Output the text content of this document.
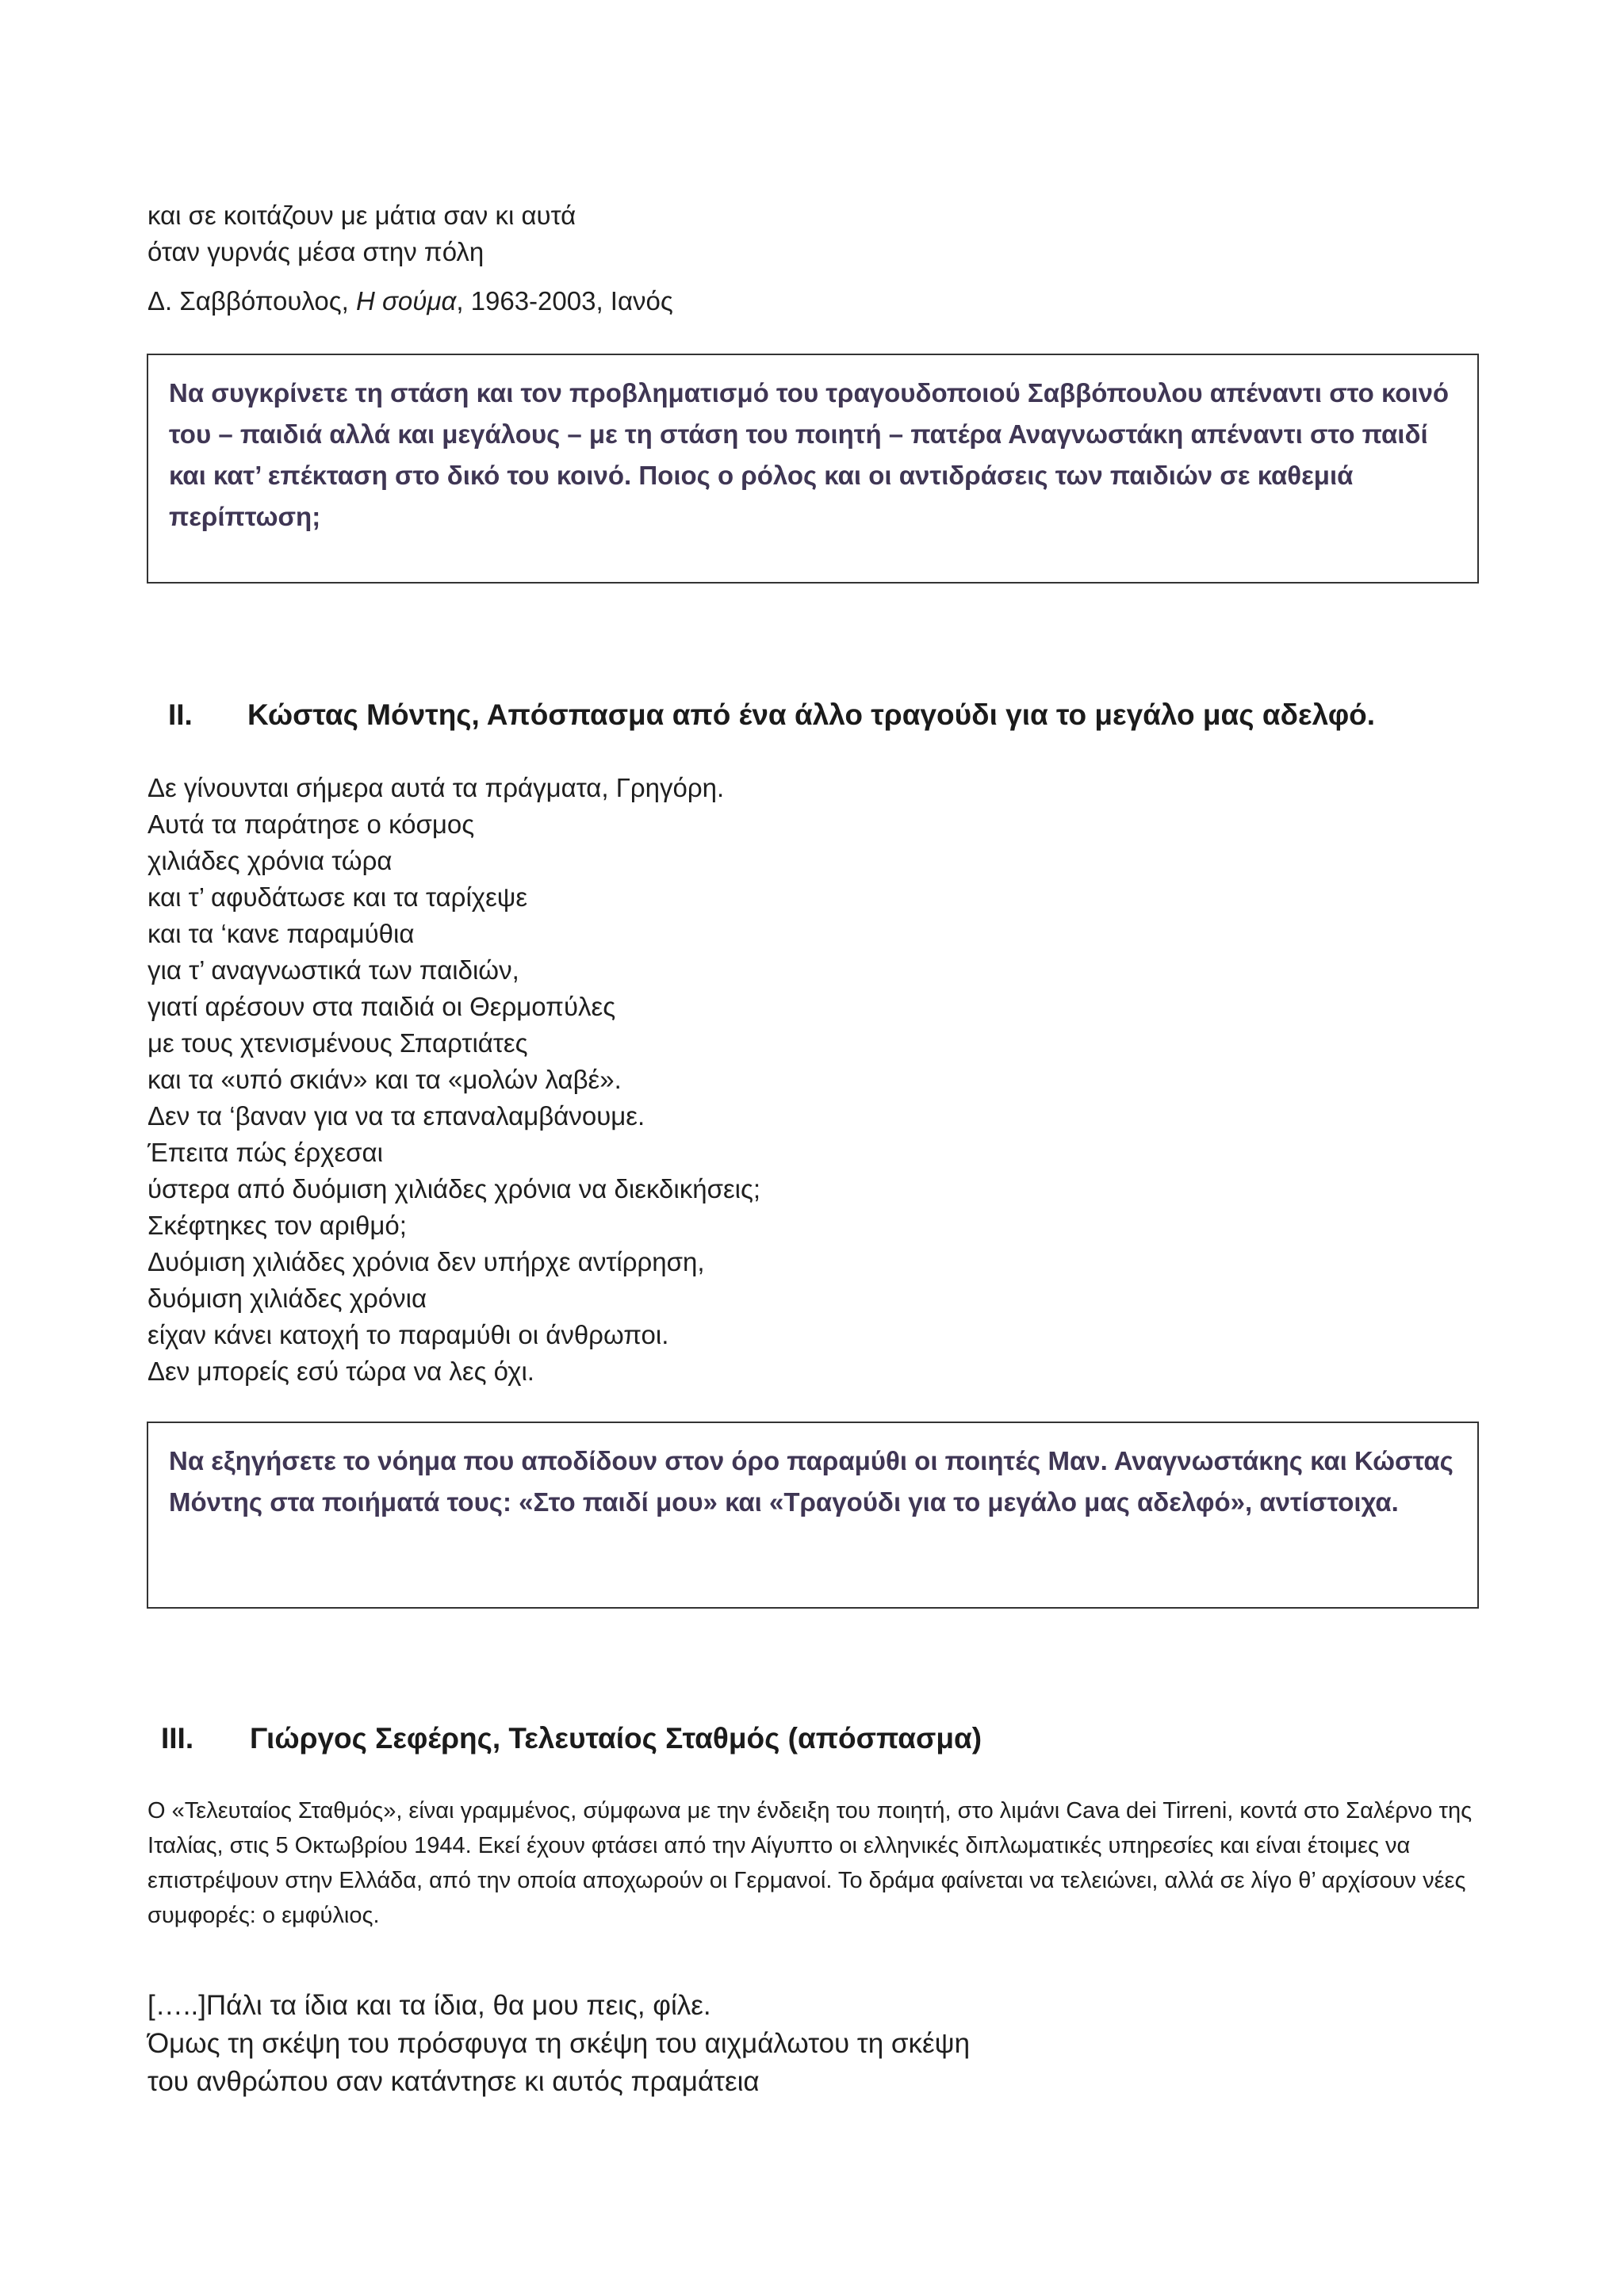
και σε κοιτάζουν με μάτια σαν κι αυτά
όταν γυρνάς μέσα στην πόλη
Δ. Σαββόπουλος, Η σούμα, 1963-2003, Ιανός

Να συγκρίνετε τη στάση και τον προβληματισμό του τραγουδοποιού Σαββόπουλου απέναντι στο κοινό του – παιδιά αλλά και μεγάλους – με τη στάση του ποιητή – πατέρα Αναγνωστάκη απέναντι στο παιδί και κατ’ επέκταση στο δικό του κοινό. Ποιος ο ρόλος και οι αντιδράσεις των παιδιών σε καθεμιά περίπτωση;

II. Κώστας Μόντης, Απόσπασμα από ένα άλλο τραγούδι για το μεγάλο μας αδελφό.
Δε γίνουνται σήμερα αυτά τα πράγματα, Γρηγόρη.
Αυτά τα παράτησε ο κόσμος
χιλιάδες χρόνια τώρα
και τ’ αφυδάτωσε και τα ταρίχεψε
και τα ‘κανε παραμύθια
για τ’ αναγνωστικά των παιδιών,
γιατί αρέσουν στα παιδιά οι Θερμοπύλες
με τους χτενισμένους Σπαρτιάτες
και τα «υπό σκιάν» και τα «μολών λαβέ».
Δεν τα ‘βαναν για να τα επαναλαμβάνουμε.
Έπειτα πώς έρχεσαι
ύστερα από δυόμιση χιλιάδες χρόνια να διεκδικήσεις;
Σκέφτηκες τον αριθμό;
Δυόμιση χιλιάδες χρόνια δεν υπήρχε αντίρρηση,
δυόμιση χιλιάδες χρόνια
είχαν κάνει κατοχή το παραμύθι οι άνθρωποι.
Δεν μπορείς εσύ τώρα να λες όχι.

Να εξηγήσετε το νόημα που αποδίδουν στον όρο παραμύθι οι ποιητές Μαν. Αναγνωστάκης και Κώστας Μόντης στα ποιήματά τους: «Στο παιδί μου» και «Τραγούδι για το μεγάλο μας αδελφό», αντίστοιχα.

III. Γιώργος Σεφέρης, Τελευταίος Σταθμός (απόσπασμα)

Ο «Τελευταίος Σταθμός», είναι γραμμένος, σύμφωνα με την ένδειξη του ποιητή, στο λιμάνι Cava dei Tirreni, κοντά στο Σαλέρνο της Ιταλίας, στις 5 Οκτωβρίου 1944. Εκεί έχουν φτάσει από την Αίγυπτο οι ελληνικές διπλωματικές υπηρεσίες και είναι έτοιμες να επιστρέψουν στην Ελλάδα, από την οποία αποχωρούν οι Γερμανοί. Το δράμα φαίνεται να τελειώνει, αλλά σε λίγο θ’ αρχίσουν νέες συμφορές: ο εμφύλιος.

[…..]Πάλι τα ίδια και τα ίδια, θα μου πεις, φίλε.
Όμως τη σκέψη του πρόσφυγα τη σκέψη του αιχμάλωτου τη σκέψη
του ανθρώπου σαν κατάντησε κι αυτός πραμάτεια
